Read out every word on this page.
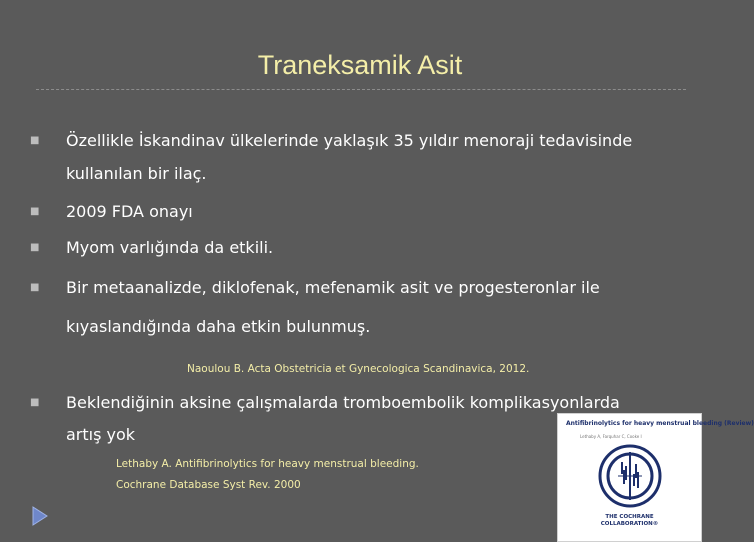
Traneksamik Asit
■	Özellikle İskandinav ülkelerinde yaklaşık 35 yıldır menoraji tedavisinde
kullanılan bir ilaç.
■	2009 FDA onayı
■	Myom varlığında da etkili.
■	Bir metaanalizde, diklofenak, mefenamik asit ve progesteronlar ile
kıyaslandığında daha etkin bulunmuş.
Naoulou B. Acta Obstetricia et Gynecologica Scandinavica, 2012.
■	Beklendiğinin aksine çalışmalarda tromboembolik komplikasyonlarda
artış yok
Lethaby A. Antifibrinolytics for heavy menstrual bleeding.
Cochrane Database Syst Rev. 2000
Antifibrinolytics for heavy menstrual bleeding (Review)
Lethaby A, Farquhar C, Cooke I
THE COCHRANE
COLLABORATION®
